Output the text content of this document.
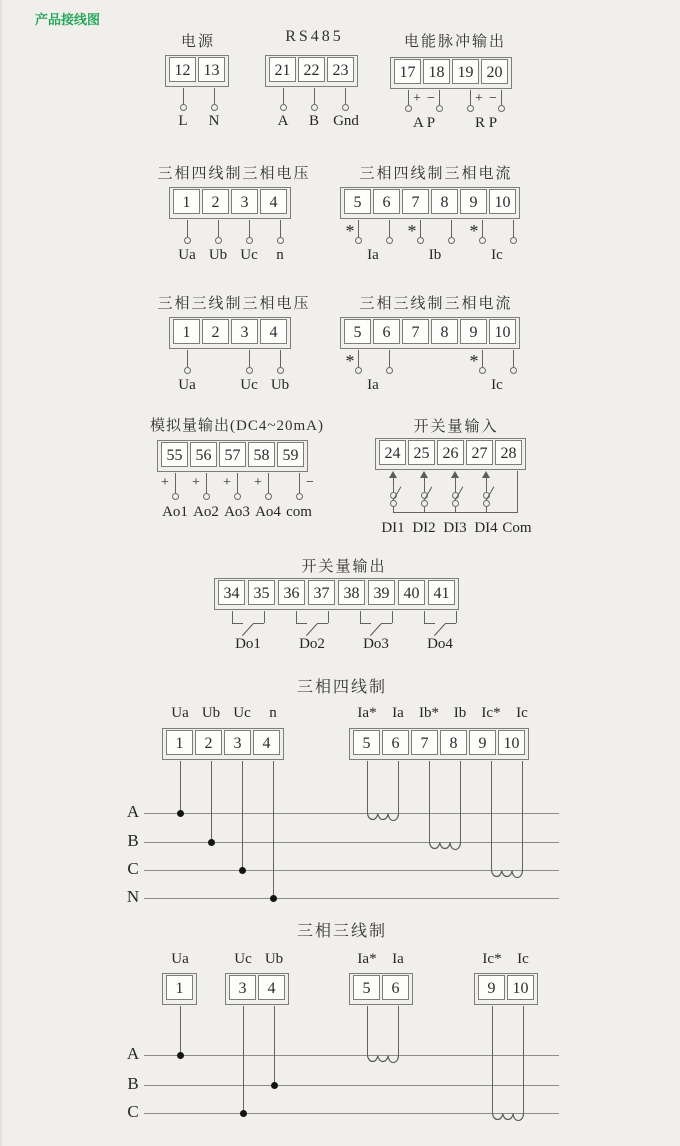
产品接线图
电源
12 13
L N
RS485
21 22 23
A B Gnd
电能脉冲输出
17 18 19 20
+ −	+ −
A P	R P
三相四线制三相电压
1	2	3	4
Ua Ub Uc n
三相四线制三相电流
5	6	7	8	9	10
*	*	*
Ia	Ib	Ic
三相三线制三相电压
1	2	3	4
Ua	Uc Ub
三相三线制三相电流
5	6	7	8	9	10
*	*
Ia	Ic
模拟量输出(DC4~20mA)
55 56 57 58 59
+ + + +	−
Ao1 Ao2 Ao3 Ao4 com
开关量输入
24 25 26 27 28
DI1 DI2 DI3 DI4 Com
开关量输出
34 35 36 37 38 39 40 41
Do1	Do2	Do3	Do4
三相四线制
Ua Ub Uc n	Ia* Ia Ib* Ib Ic* Ic
1	2	3	4	5	6	7	8	9	10
A
B
C
N
三相三线制
Ua	Uc Ub	Ia* Ia	Ic* Ic
1	3	4	5	6	9	10
A
B
C
